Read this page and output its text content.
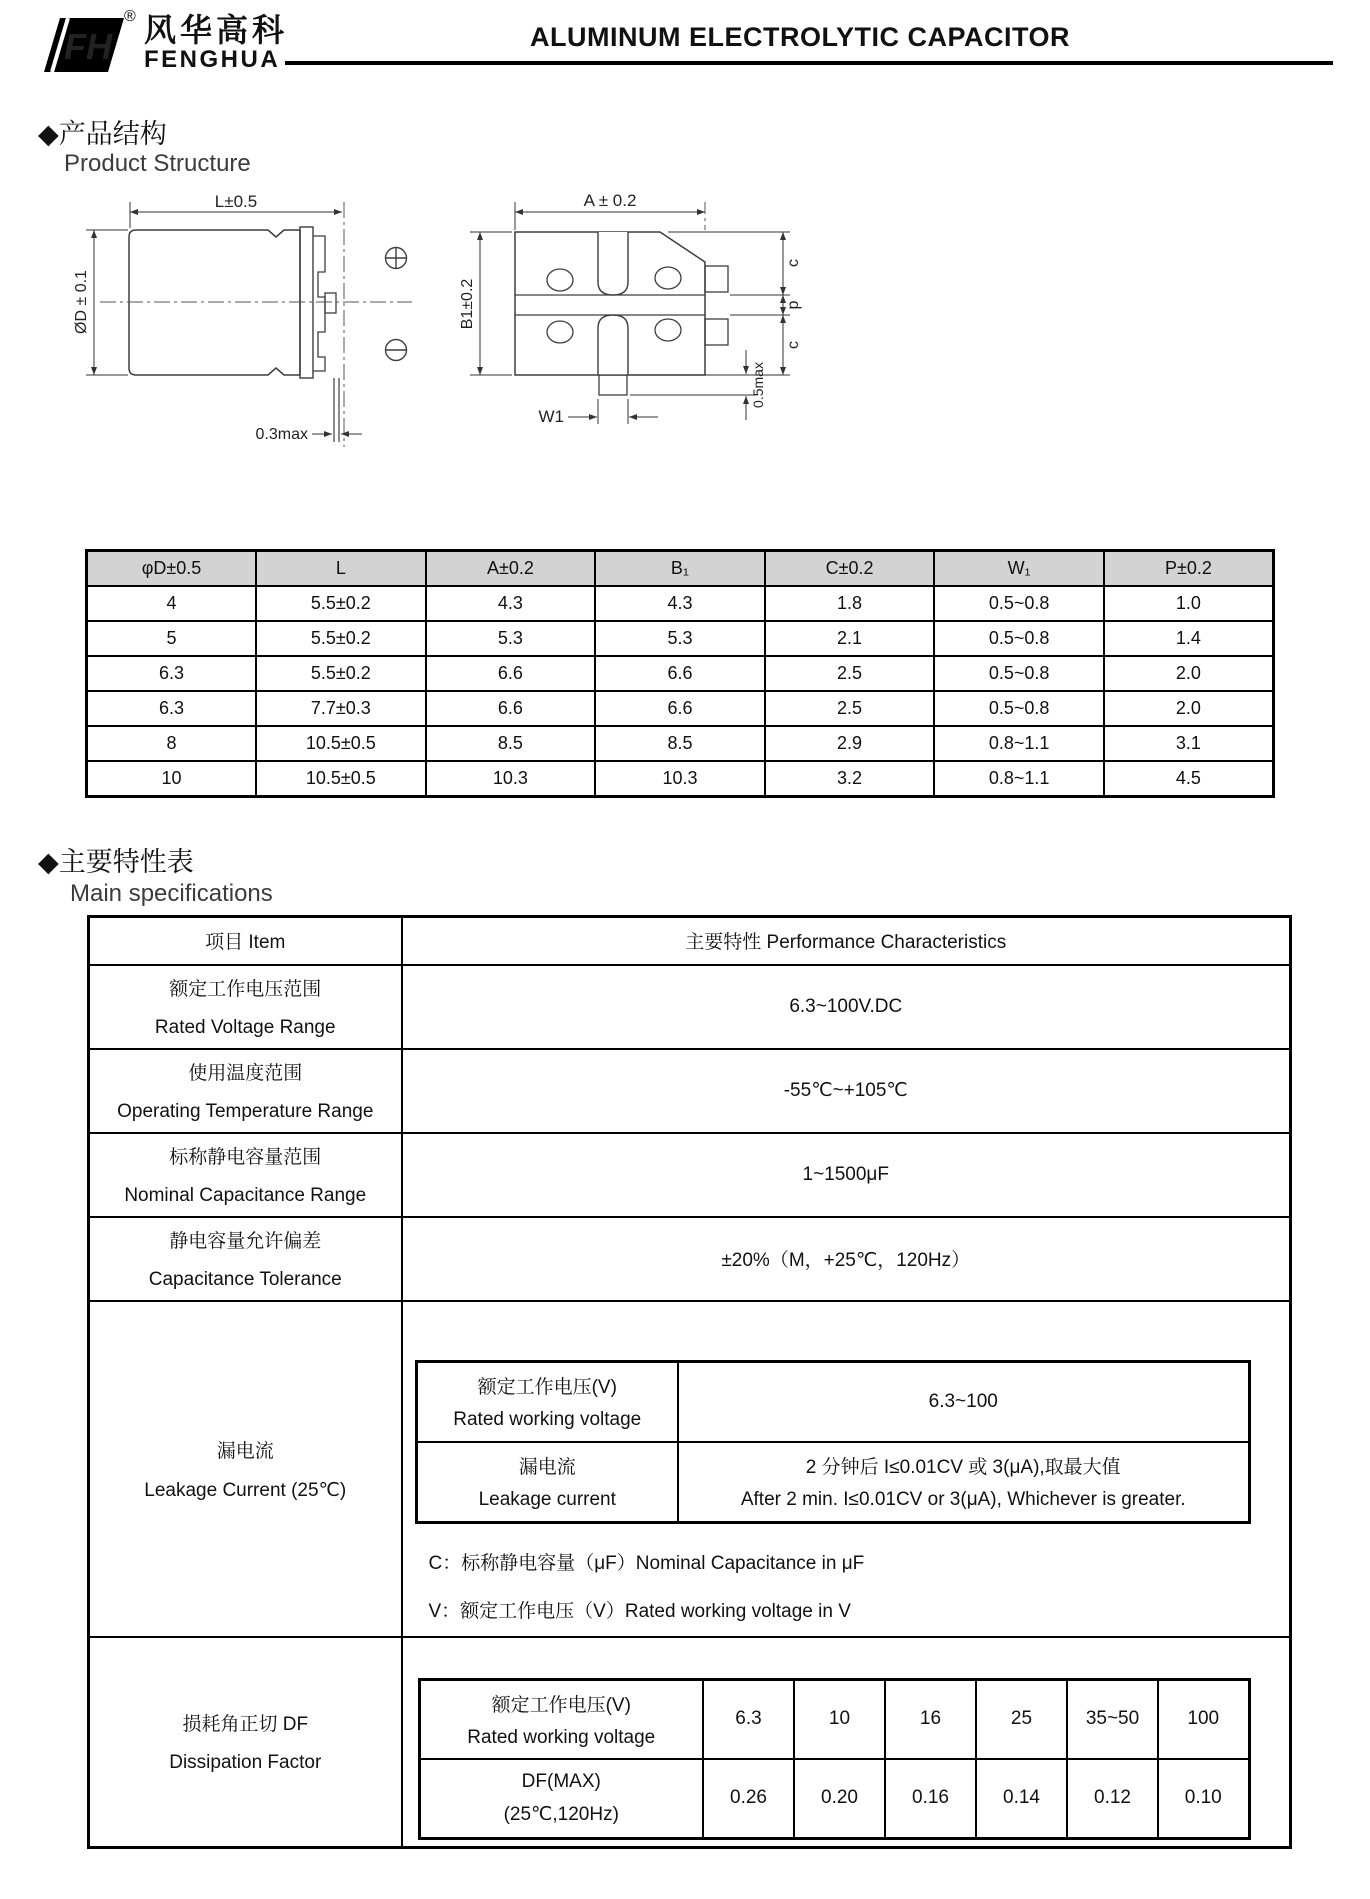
FH
® 风华高科
FENGHUA
ALUMINUM ELECTROLYTIC CAPACITOR
◆产品结构
Product Structure
L±0.5
ØD ± 0.1
0.3max
A ± 0.2
B1±0.2
c
p
c
W1
0.5max
φD±0.5	L	A±0.2	B₁	C±0.2	W₁	P±0.2
4	5.5±0.2	4.3	4.3	1.8	0.5~0.8	1.0
5	5.5±0.2	5.3	5.3	2.1	0.5~0.8	1.4
6.3	5.5±0.2	6.6	6.6	2.5	0.5~0.8	2.0
6.3	7.7±0.3	6.6	6.6	2.5	0.5~0.8	2.0
8	10.5±0.5	8.5	8.5	2.9	0.8~1.1	3.1
10	10.5±0.5	10.3	10.3	3.2	0.8~1.1	4.5
◆主要特性表
Main specifications
项目 Item	主要特性 Performance Characteristics

额定工作电压范围
Rated Voltage Range
	6.3~100V.DC

使用温度范围
Operating Temperature Range
	-55℃~+105℃

标称静电容量范围
Nominal Capacitance Range
	1~1500μF

静电容量允许偏差
Capacitance Tolerance
	±20%（M，+25℃，120Hz）

漏电流
Leakage Current (25℃)

额定工作电压(V)
Rated working voltage
	6.3~100

漏电流
Leakage current

2 分钟后 I≤0.01CV 或 3(μA),取最大值
After 2 min. I≤0.01CV or 3(μA), Whichever is greater.
C：标称静电容量（μF）Nominal Capacitance in μF
V：额定工作电压（V）Rated working voltage in V

损耗角正切 DF
Dissipation Factor

额定工作电压(V)
Rated working voltage
	6.3	10	16	25	35~50	100

DF(MAX)
(25℃,120Hz)
	0.26	0.20	0.16	0.14	0.12	0.10
